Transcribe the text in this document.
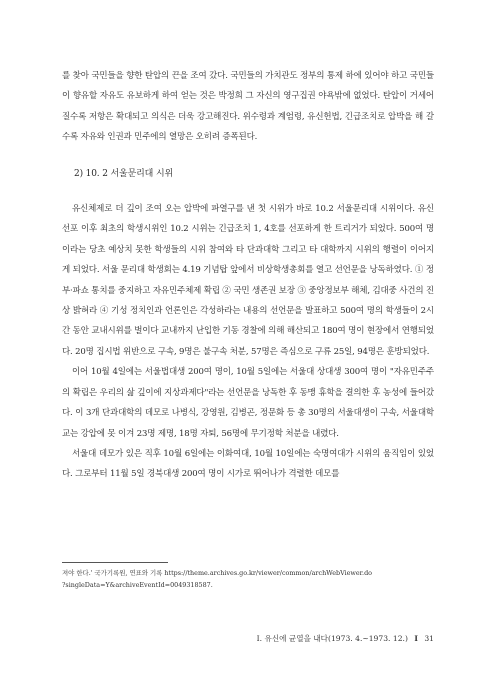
를 찾아 국민들을 향한 탄압의 끈을 조여 갔다. 국민들의 가치관도 정부의 통제 하에 있어야 하고 국민들이 향유할 자유도 유보하게 하여 얻는 것은 박정희 그 자신의 영구집권 야욕밖에 없었다. 탄압이 거세어질수록 저항은 확대되고 의식은 더욱 강고해진다. 위수령과 계엄령, 유신헌법, 긴급조치로 압박을 해 갈수록 자유와 인권과 민주에의 열망은 오히려 증폭된다.

2) 10. 2 서울문리대 시위

유신체제로 더 깊이 조여 오는 압박에 파열구를 낸 첫 시위가 바로 10.2 서울문리대 시위이다. 유신 선포 이후 최초의 학생시위인 10.2 시위는 긴급조치 1, 4호를 선포하게 한 트리거가 되었다. 500여 명이라는 당초 예상치 못한 학생들의 시위 참여와 타 단과대학 그리고 타 대학까지 시위의 행렬이 이어지게 되었다. 서울 문리대 학생회는 4.19 기념탑 앞에서 비상학생총회를 열고 선언문을 낭독하였다. ① 정부·파쇼 통치를 중지하고 자유민주체제 확립 ② 국민 생존권 보장 ③ 중앙정보부 해체, 김대중 사건의 진상 밝혀라 ④ 기성 정치인과 언론인은 각성하라는 내용의 선언문을 발표하고 500여 명의 학생들이 2시간 동안 교내시위를 벌이다 교내까지 난입한 기동 경찰에 의해 해산되고 180여 명이 현장에서 연행되었다. 20명 집시법 위반으로 구속, 9명은 불구속 처분, 57명은 즉심으로 구류 25일, 94명은 훈방되었다.

이어 10월 4일에는 서울법대생 200여 명이, 10월 5일에는 서울대 상대생 300여 명이 "자유민주주의 확립은 우리의 삶 깊이에 지상과제다"라는 선언문을 낭독한 후 동맹 휴학을 결의한 후 농성에 들어갔다. 이 3개 단과대학의 데모로 나병식, 강영원, 김병곤, 정문화 등 총 30명의 서울대생이 구속, 서울대학교는 강압에 못 이겨 23명 제명, 18명 자퇴, 56명에 무기정학 처분을 내렸다.

서울대 데모가 있은 직후 10월 6일에는 이화여대, 10월 10일에는 숙명여대가 시위의 움직임이 있었다. 그로부터 11월 5일 경북대생 200여 명이 시가로 뛰어나가 격렬한 데모를

져야 한다.' 국가기록원, 연표와 기록 https://theme.archives.go.kr/viewer/common/archWebViewer.do

?singleData=Y&archiveEventId=0049318587.

I. 유신에 균열을 내다(1973. 4.~1973. 12.) I 31
